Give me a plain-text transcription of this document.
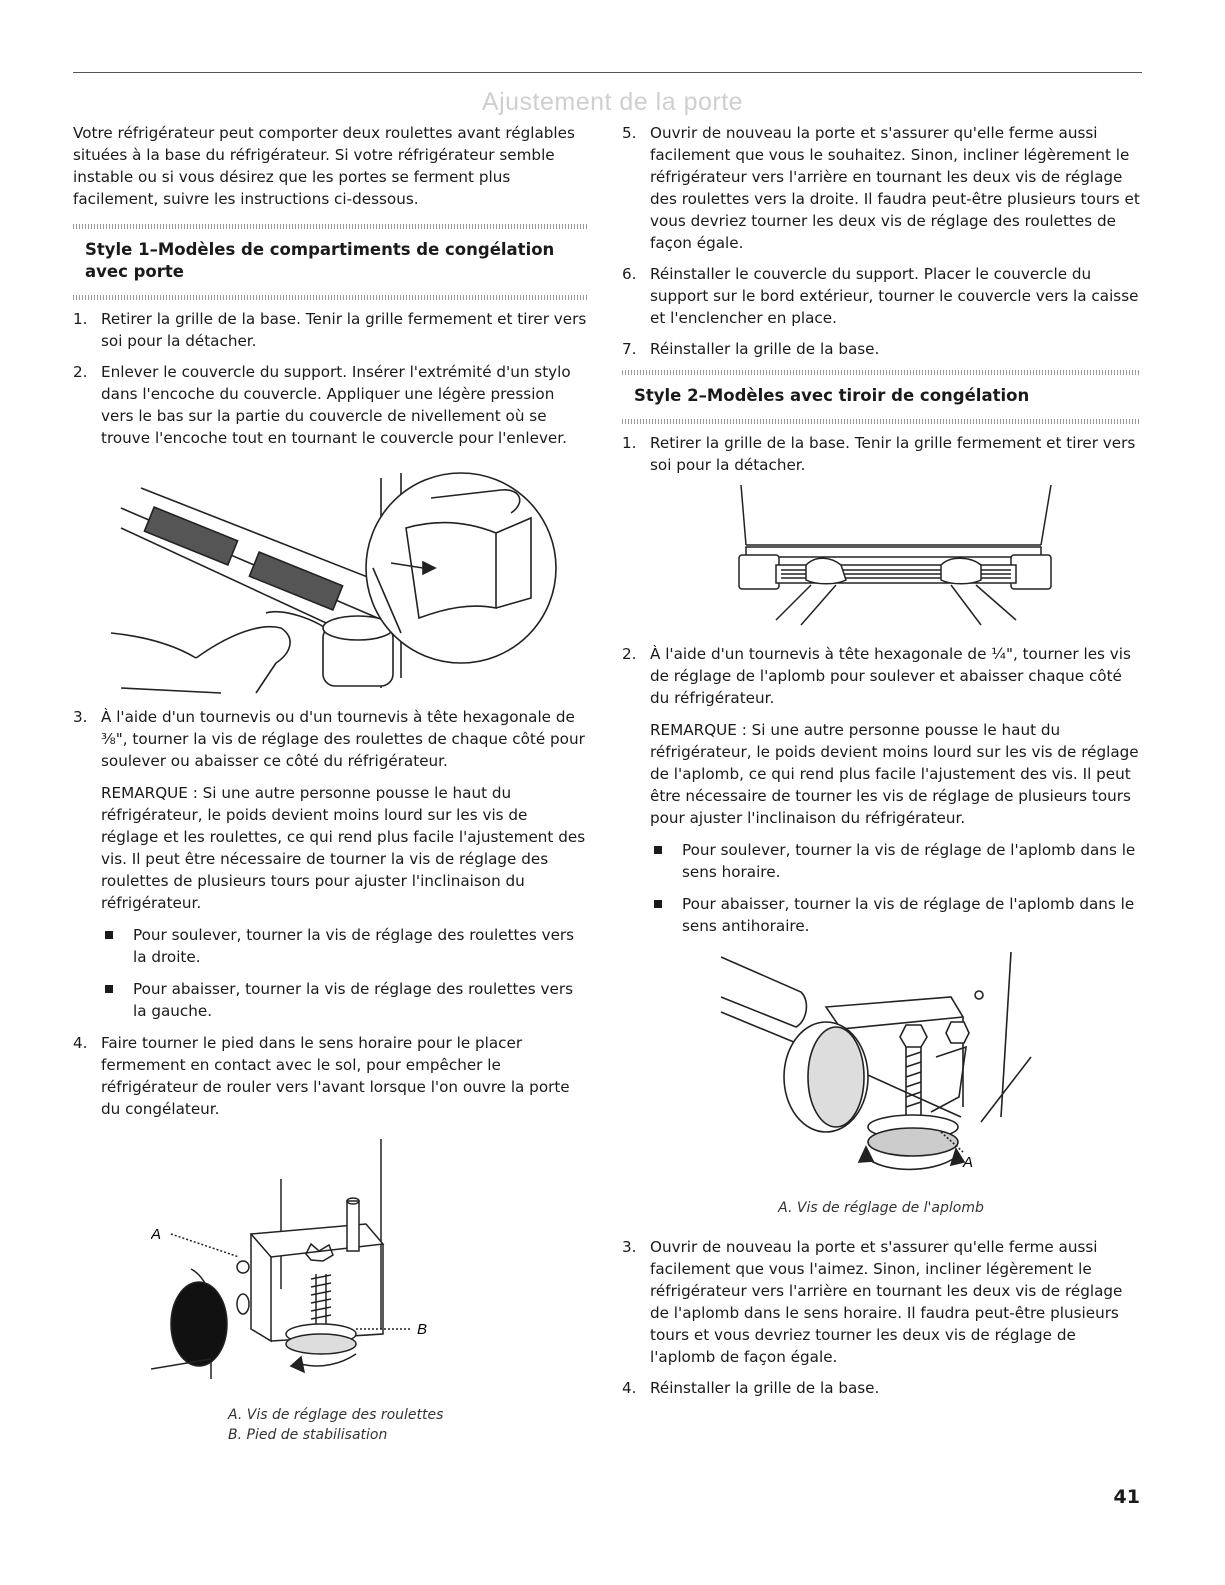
Ajustement de la porte

Votre réfrigérateur peut comporter deux roulettes avant réglables situées à la base du réfrigérateur. Si votre réfrigérateur semble instable ou si vous désirez que les portes se ferment plus facilement, suivre les instructions ci-dessous.

Style 1–Modèles de compartiments de congélation avec porte
1. Retirer la grille de la base. Tenir la grille fermement et tirer vers soi pour la détacher.
2. Enlever le couvercle du support. Insérer l'extrémité d'un stylo dans l'encoche du couvercle. Appliquer une légère pression vers le bas sur la partie du couvercle de nivellement où se trouve l'encoche tout en tournant le couvercle pour l'enlever.
3. À l'aide d'un tournevis ou d'un tournevis à tête hexagonale de ⅜", tourner la vis de réglage des roulettes de chaque côté pour soulever ou abaisser ce côté du réfrigérateur.

REMARQUE : Si une autre personne pousse le haut du réfrigérateur, le poids devient moins lourd sur les vis de réglage et les roulettes, ce qui rend plus facile l'ajustement des vis. Il peut être nécessaire de tourner la vis de réglage des roulettes de plusieurs tours pour ajuster l'inclinaison du réfrigérateur.

Pour soulever, tourner la vis de réglage des roulettes vers la droite.
Pour abaisser, tourner la vis de réglage des roulettes vers la gauche.
4. Faire tourner le pied dans le sens horaire pour le placer fermement en contact avec le sol, pour empêcher le réfrigérateur de rouler vers l'avant lorsque l'on ouvre la porte du congélateur.
A
B
A. Vis de réglage des roulettes
B. Pied de stabilisation
5. Ouvrir de nouveau la porte et s'assurer qu'elle ferme aussi facilement que vous le souhaitez. Sinon, incliner légèrement le réfrigérateur vers l'arrière en tournant les deux vis de réglage des roulettes vers la droite. Il faudra peut-être plusieurs tours et vous devriez tourner les deux vis de réglage des roulettes de façon égale.
6. Réinstaller le couvercle du support. Placer le couvercle du support sur le bord extérieur, tourner le couvercle vers la caisse et l'enclencher en place.
7. Réinstaller la grille de la base.
Style 2–Modèles avec tiroir de congélation
1. Retirer la grille de la base. Tenir la grille fermement et tirer vers soi pour la détacher.
2. À l'aide d'un tournevis à tête hexagonale de ¼", tourner les vis de réglage de l'aplomb pour soulever et abaisser chaque côté du réfrigérateur.

REMARQUE : Si une autre personne pousse le haut du réfrigérateur, le poids devient moins lourd sur les vis de réglage de l'aplomb, ce qui rend plus facile l'ajustement des vis. Il peut être nécessaire de tourner les vis de réglage de plusieurs tours pour ajuster l'inclinaison du réfrigérateur.

Pour soulever, tourner la vis de réglage de l'aplomb dans le sens horaire.
Pour abaisser, tourner la vis de réglage de l'aplomb dans le sens antihoraire.
A
A. Vis de réglage de l'aplomb
3. Ouvrir de nouveau la porte et s'assurer qu'elle ferme aussi facilement que vous l'aimez. Sinon, incliner légèrement le réfrigérateur vers l'arrière en tournant les deux vis de réglage de l'aplomb dans le sens horaire. Il faudra peut-être plusieurs tours et vous devriez tourner les deux vis de réglage de l'aplomb de façon égale.
4. Réinstaller la grille de la base.
41
